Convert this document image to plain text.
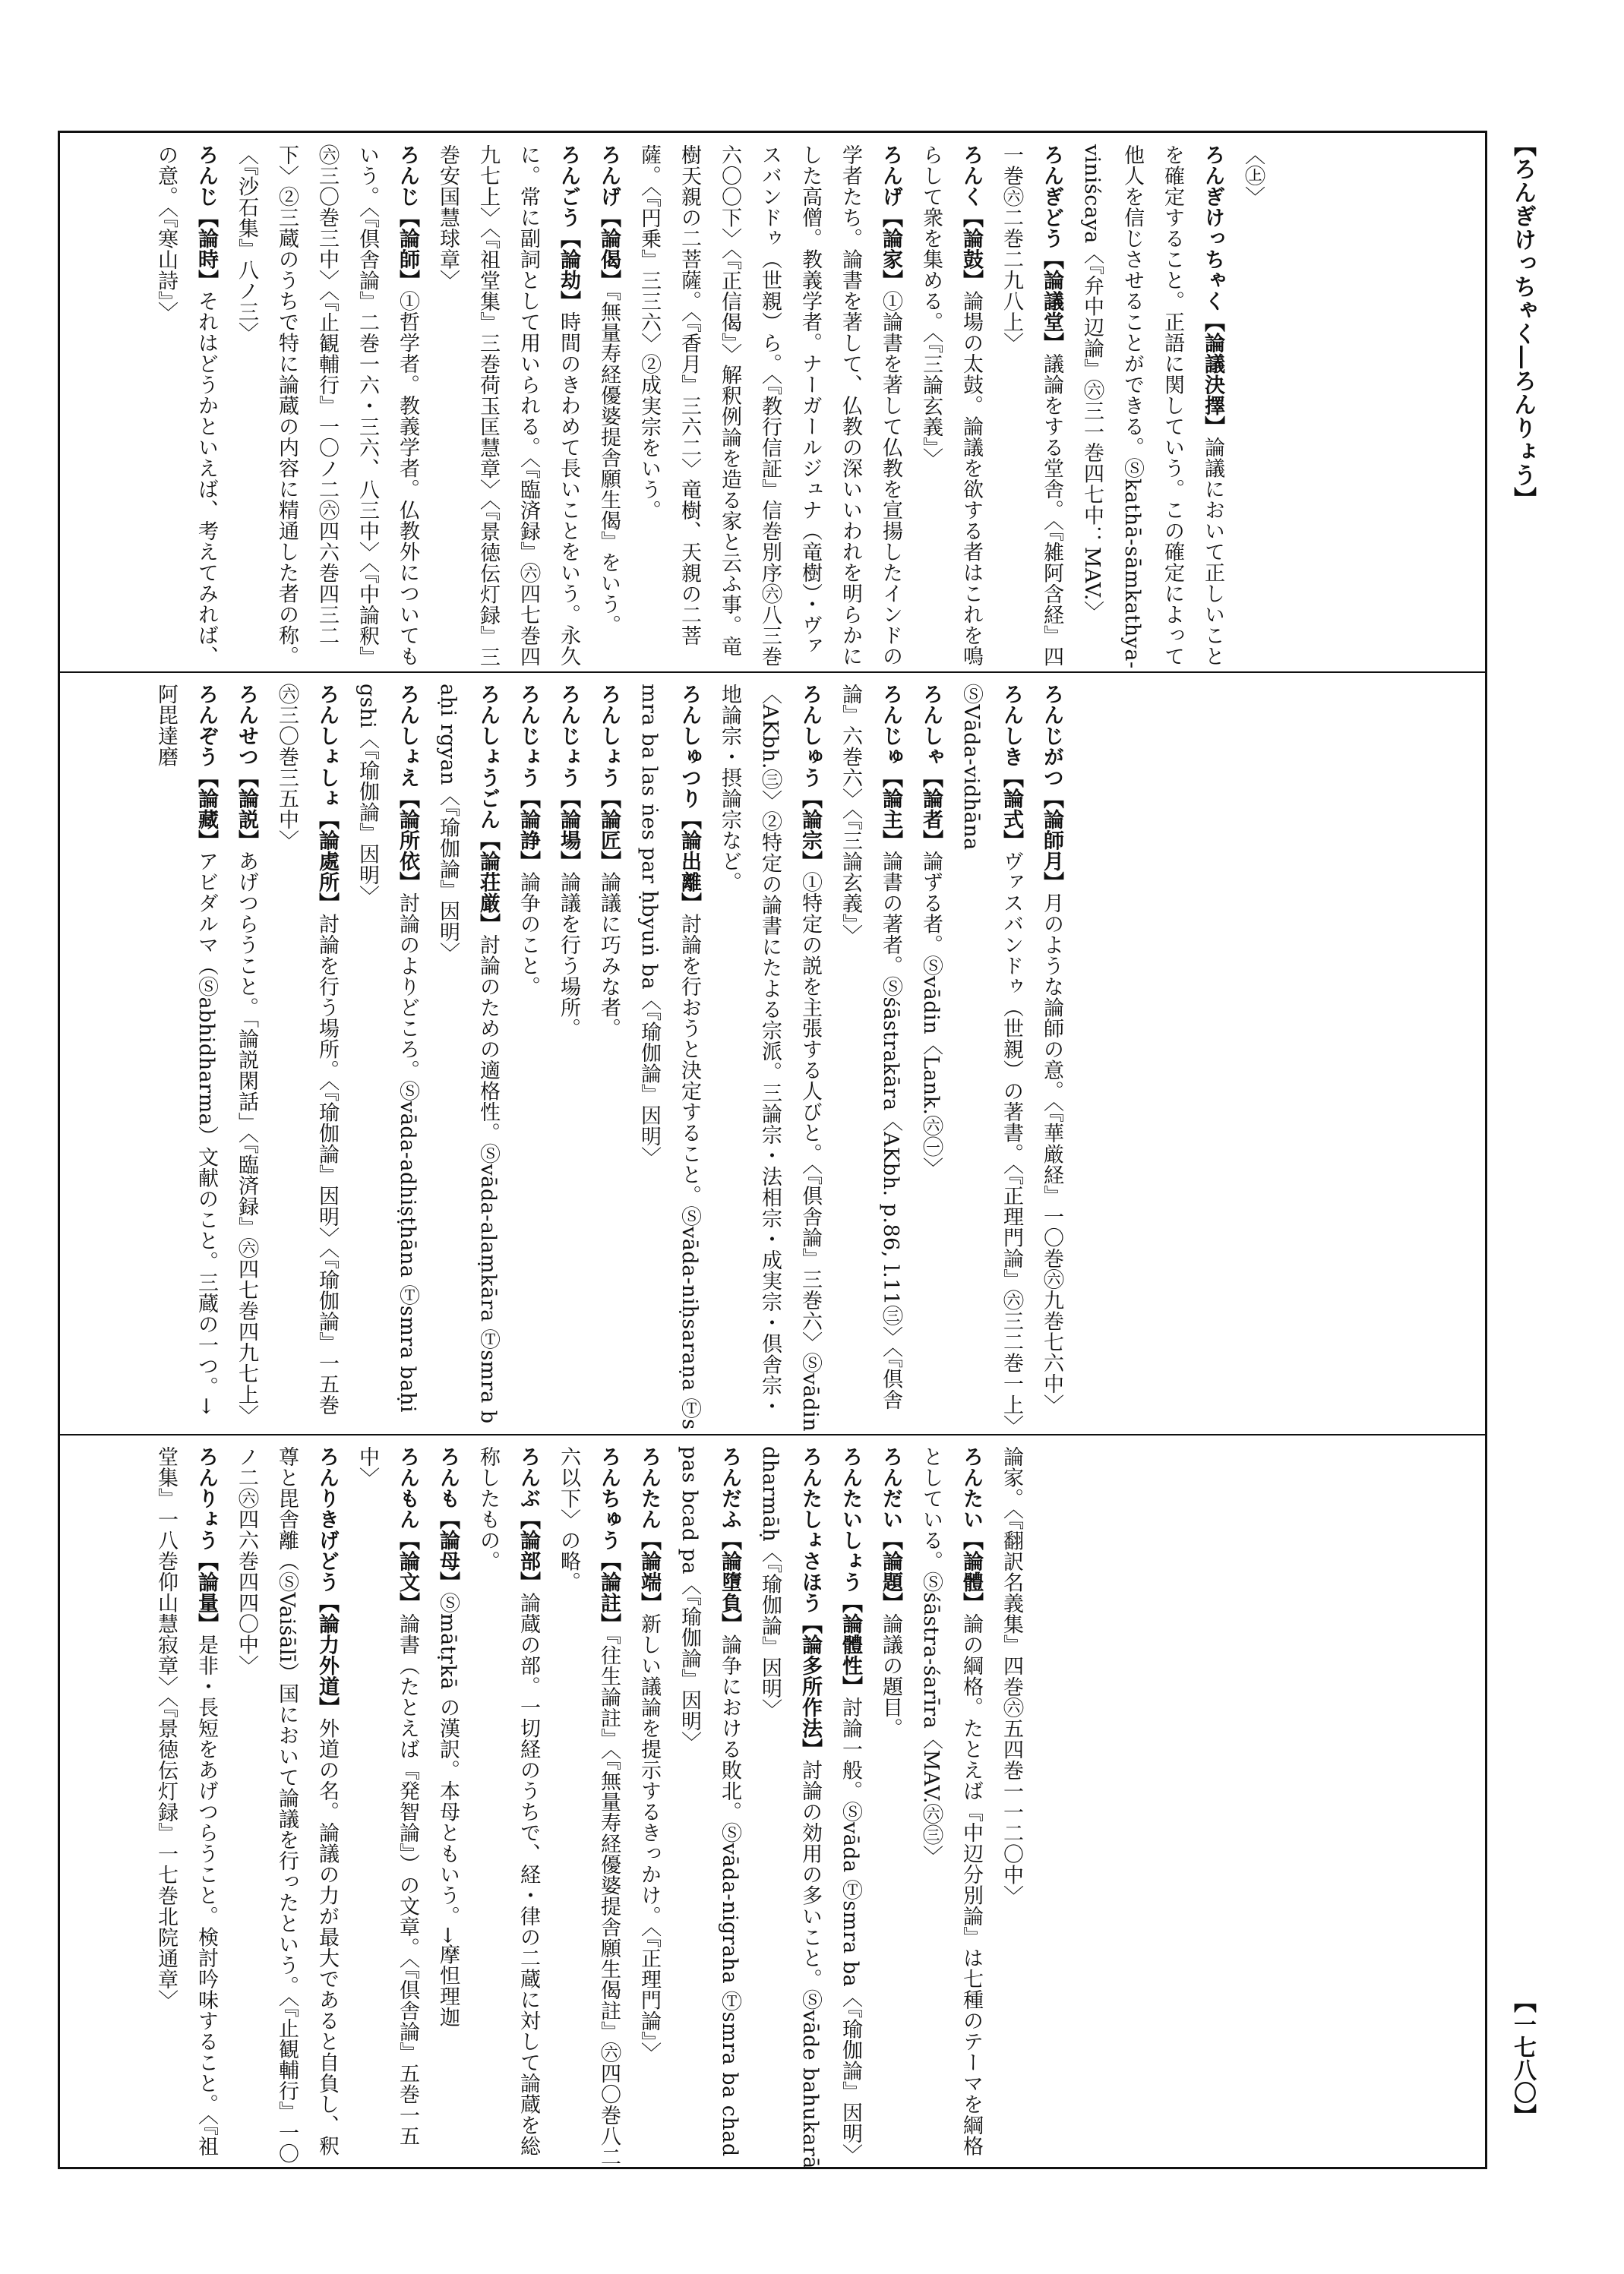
【ろんぎけっちゃく―ろんりょう】
【一七八〇】
〈㊤〉
ろんぎけっちゃく【論議決擇】論議において正しいことを確定すること。正語に関していう。この確定によって他人を信じさせることができる。Ⓢkathā-sāmkathya-viniścaya〈『弁中辺論』㊅三一巻四七中：MAV.〉
ろんぎどう【論議堂】議論をする堂舎。〈『雑阿含経』四一巻㊅二巻二九八上〉
ろんく【論鼓】論場の太鼓。論議を欲する者はこれを鳴らして衆を集める。〈『三論玄義』〉
ろんげ【論家】①論書を著して仏教を宣揚したインドの学者たち。論書を著して、仏教の深いいわれを明らかにした高僧。教義学者。ナーガールジュナ（竜樹）・ヴァスバンドゥ（世親）ら。〈『教行信証』信巻別序㊅八三巻六〇〇下〉〈『正信偈』〉解釈例論を造る家と云ふ事。竜樹天親の二菩薩。〈『香月』三六二〉竜樹、天親の二菩薩。〈『円乗』三三六〉②成実宗をいう。
ろんげ【論偈】『無量寿経優婆提舎願生偈』をいう。
ろんごう【論劫】時間のきわめて長いことをいう。永久に。常に副詞として用いられる。〈『臨済録』㊅四七巻四九七上〉〈『祖堂集』三巻荷玉匡慧章〉〈『景徳伝灯録』三巻安国慧球章〉
ろんじ【論師】①哲学者。教義学者。仏教外についてもいう。〈『倶舎論』二巻一六・三六、八三中〉〈『中論釈』㊅三〇巻三中〉〈『止観輔行』一〇ノ二㊅四六巻四三二下〉②三蔵のうちで特に論蔵の内容に精通した者の称。〈『沙石集』八ノ三〉
ろんじ【論時】それはどうかといえば、考えてみれば、の意。〈『寒山詩』〉
ろんじがつ【論師月】月のような論師の意。〈『華厳経』一〇巻㊅九巻七六中〉
ろんしき【論式】ヴァスバンドゥ（世親）の著書。〈『正理門論』㊅三二巻一上〉ⓈVāda-vidhāna
ろんしゃ【論者】論ずる者。Ⓢvādin〈Lank.㊅㊀〉
ろんじゅ【論主】論書の著者。Ⓢśāstrakāra〈AKbh. p.86, l.11㊂〉〈『倶舎論』六巻六〉〈『三論玄義』〉
ろんしゅう【論宗】①特定の説を主張する人びと。〈『倶舎論』三巻六〉Ⓢvādin〈AKbh.㊂〉②特定の論書にたよる宗派。三論宗・法相宗・成実宗・倶舎宗・地論宗・摂論宗など。
ろんしゅつり【論出離】討論を行おうと決定すること。Ⓢvāda-niḥsaraṇa Ⓣsmra ba las ṅes par ḥbyuṅ ba〈『瑜伽論』因明〉
ろんしょう【論匠】論議に巧みな者。
ろんじょう【論場】論議を行う場所。
ろんじょう【論諍】論争のこと。
ろんしょうごん【論荘厳】討論のための適格性。Ⓢvāda-alaṃkāra Ⓣsmra baḥi rgyan〈『瑜伽論』因明〉
ろんしょえ【論所依】討論のよりどころ。Ⓢvāda-adhiṣṭhāna Ⓣsmra baḥi gshi〈『瑜伽論』因明〉
ろんしょしょ【論處所】討論を行う場所。〈『瑜伽論』因明〉〈『瑜伽論』一五巻㊅三〇巻三五中〉
ろんせつ【論説】あげつらうこと。「論説閑話」〈『臨済録』㊅四七巻四九七上〉
ろんぞう【論藏】アビダルマ（Ⓢabhidharma）文献のこと。三蔵の一つ。→阿毘達磨
論家。〈『翻訳名義集』四巻㊅五四巻一一二〇中〉
ろんたい【論體】論の綱格。たとえば『中辺分別論』は七種のテーマを綱格としている。Ⓢśāstra-śarīra〈MAV.㊅㊂〉
ろんだい【論題】論議の題目。
ろんたいしょう【論體性】討論一般。Ⓢvāda Ⓣsmra ba〈『瑜伽論』因明〉
ろんたしょさほう【論多所作法】討論の効用の多いこと。Ⓢvāde bahukarā dharmāḥ〈『瑜伽論』因明〉
ろんだふ【論墮負】論争における敗北。Ⓢvāda-nigraha Ⓣsmra ba chad pas bcad pa〈『瑜伽論』因明〉
ろんたん【論端】新しい議論を提示するきっかけ。〈『正理門論』〉
ろんちゅう【論註】『往生論註』〈『無量寿経優婆提舎願生偈註』㊅四〇巻八二六以下〉の略。
ろんぶ【論部】論蔵の部。一切経のうちで、経・律の二蔵に対して論蔵を総称したもの。
ろんも【論母】Ⓢmātṛkā の漢訳。本母ともいう。→摩怛理迦
ろんもん【論文】論書（たとえば『発智論』）の文章。〈『倶舎論』五巻一五中〉
ろんりきげどう【論力外道】外道の名。論議の力が最大であると自負し、釈尊と毘舎離（ⓈVaiśālī）国において論議を行ったという。〈『止観輔行』一〇ノ二㊅四六巻四四〇中〉
ろんりょう【論量】是非・長短をあげつらうこと。検討吟味すること。〈『祖堂集』一八巻仰山慧寂章〉〈『景徳伝灯録』一七巻北院通章〉
